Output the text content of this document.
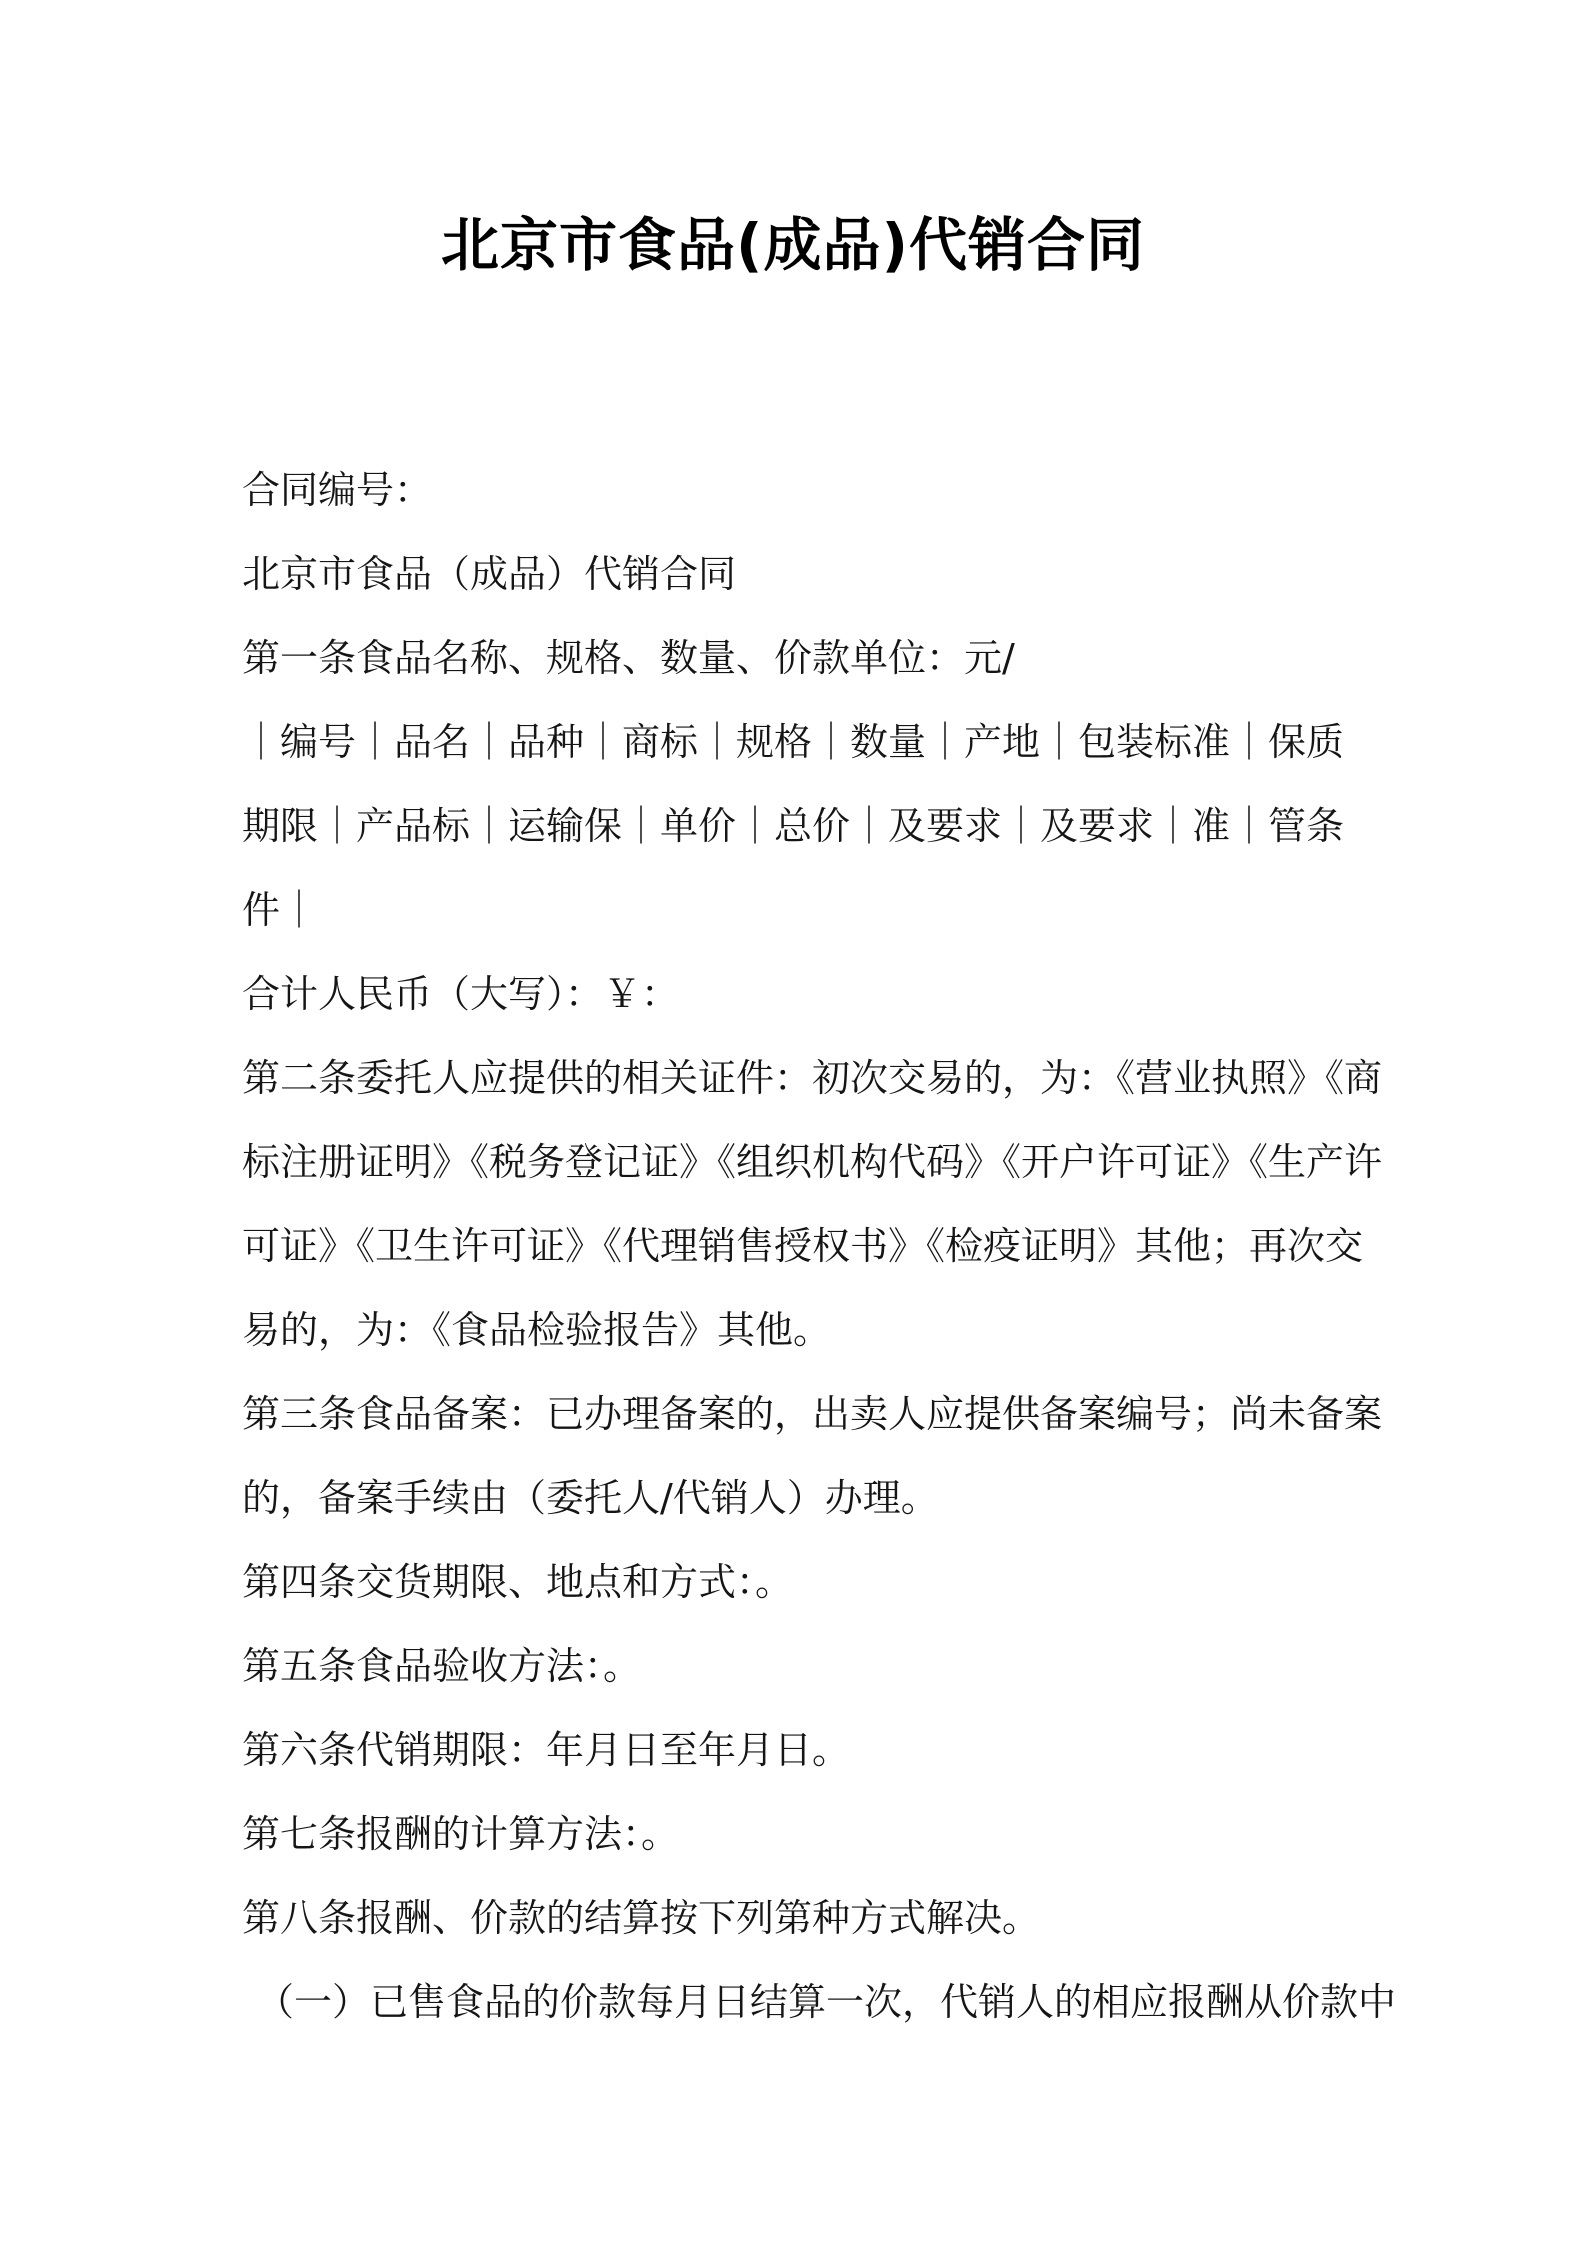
北京市食品(成品)代销合同

合同编号：

北京市食品（成品）代销合同

第一条食品名称、规格、数量、价款单位：元/

｜编号｜品名｜品种｜商标｜规格｜数量｜产地｜包装标准｜保质

期限｜产品标｜运输保｜单价｜总价｜及要求｜及要求｜准｜管条

件｜

合计人民币（大写）：￥：

第二条委托人应提供的相关证件：初次交易的，为：《营业执照》《商

标注册证明》《税务登记证》《组织机构代码》《开户许可证》《生产许

可证》《卫生许可证》《代理销售授权书》《检疫证明》其他；再次交

易的，为：《食品检验报告》其他。

第三条食品备案：已办理备案的，出卖人应提供备案编号；尚未备案

的，备案手续由（委托人/代销人）办理。

第四条交货期限、地点和方式：。

第五条食品验收方法：。

第六条代销期限：年月日至年月日。

第七条报酬的计算方法：。

第八条报酬、价款的结算按下列第种方式解决。

（一）已售食品的价款每月日结算一次，代销人的相应报酬从价款中
